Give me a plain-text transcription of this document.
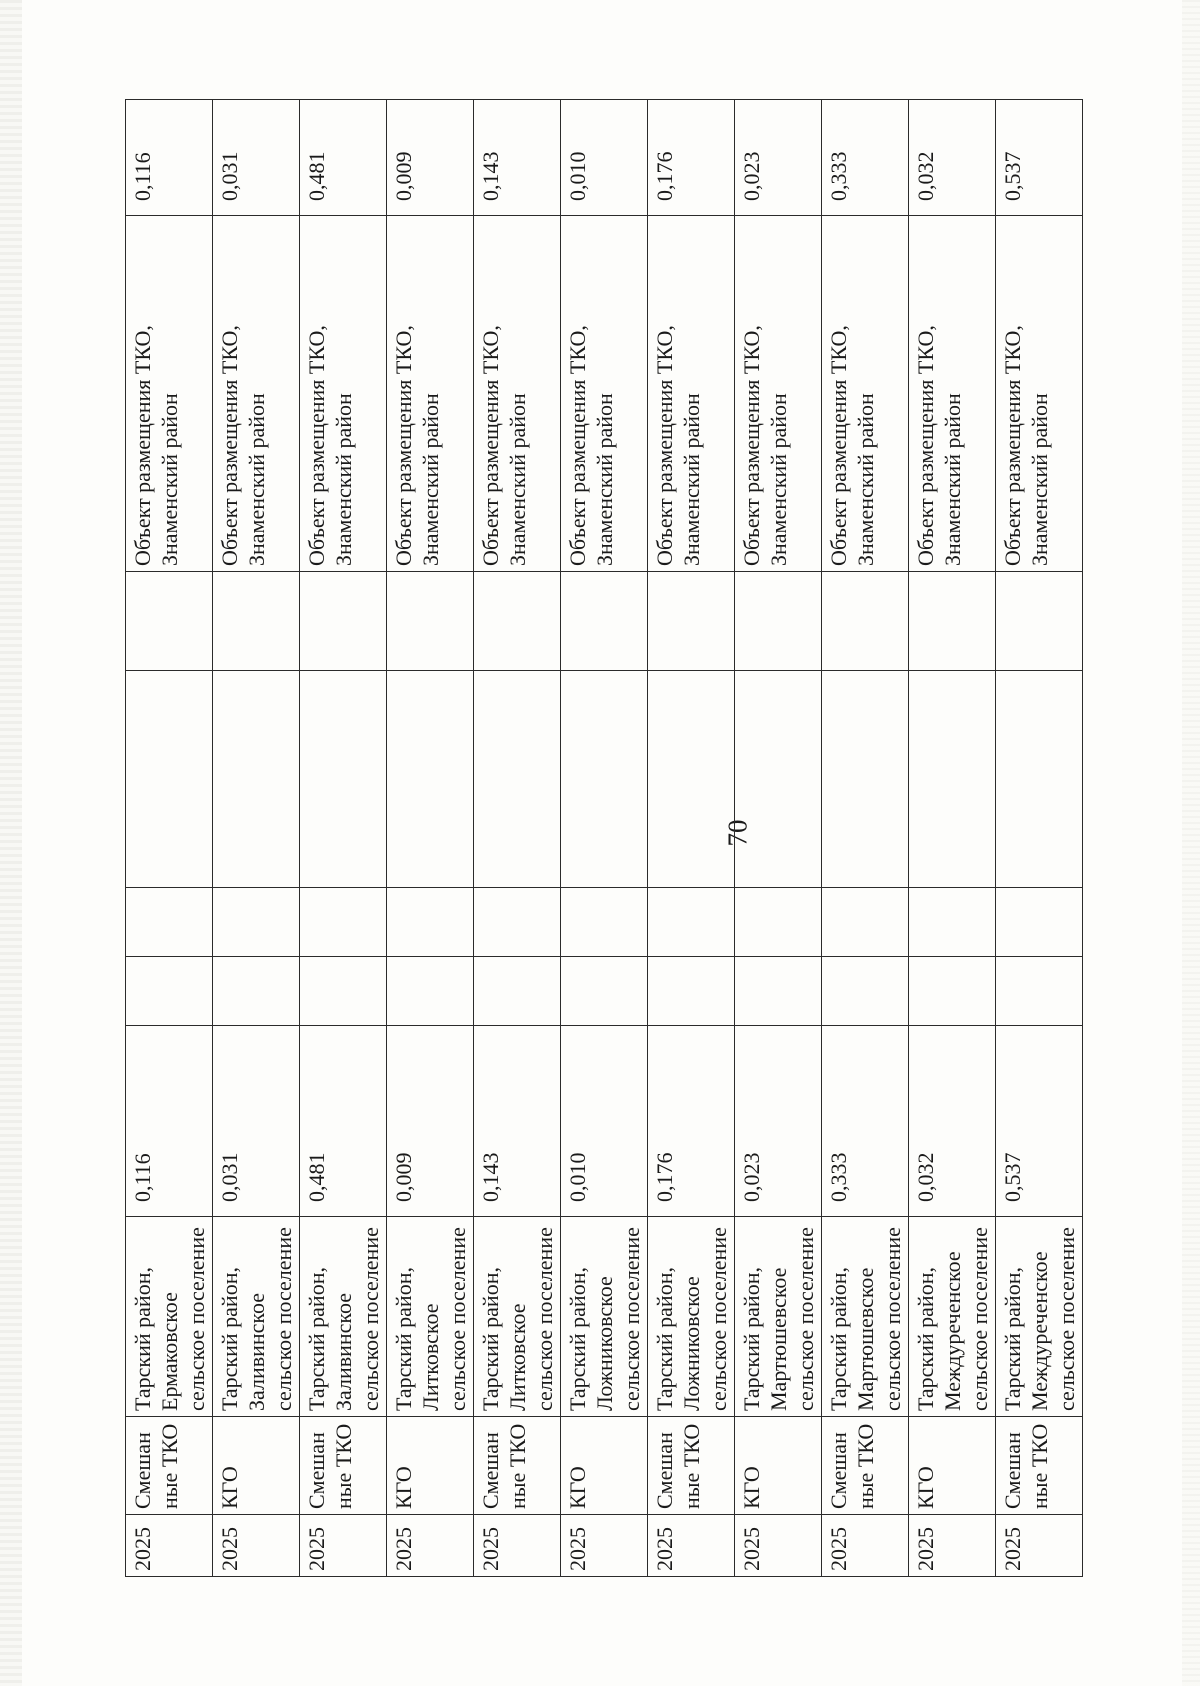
70
2025	Смешанные ТКО	Тарский район, Ермаковское сельское поселение	0,116					Объект размещения ТКО, Знаменский район	0,116
2025	КГО	Тарский район, Заливинское сельское поселение	0,031					Объект размещения ТКО, Знаменский район	0,031
2025	Смешанные ТКО	Тарский район, Заливинское сельское поселение	0,481					Объект размещения ТКО, Знаменский район	0,481
2025	КГО	Тарский район, Литковское сельское поселение	0,009					Объект размещения ТКО, Знаменский район	0,009
2025	Смешанные ТКО	Тарский район, Литковское сельское поселение	0,143					Объект размещения ТКО, Знаменский район	0,143
2025	КГО	Тарский район, Ложниковское сельское поселение	0,010					Объект размещения ТКО, Знаменский район	0,010
2025	Смешанные ТКО	Тарский район, Ложниковское сельское поселение	0,176					Объект размещения ТКО, Знаменский район	0,176
2025	КГО	Тарский район, Мартюшевское сельское поселение	0,023					Объект размещения ТКО, Знаменский район	0,023
2025	Смешанные ТКО	Тарский район, Мартюшевское сельское поселение	0,333					Объект размещения ТКО, Знаменский район	0,333
2025	КГО	Тарский район, Междуреченское сельское поселение	0,032					Объект размещения ТКО, Знаменский район	0,032
2025	Смешанные ТКО	Тарский район, Междуреченское сельское поселение	0,537					Объект размещения ТКО, Знаменский район	0,537
